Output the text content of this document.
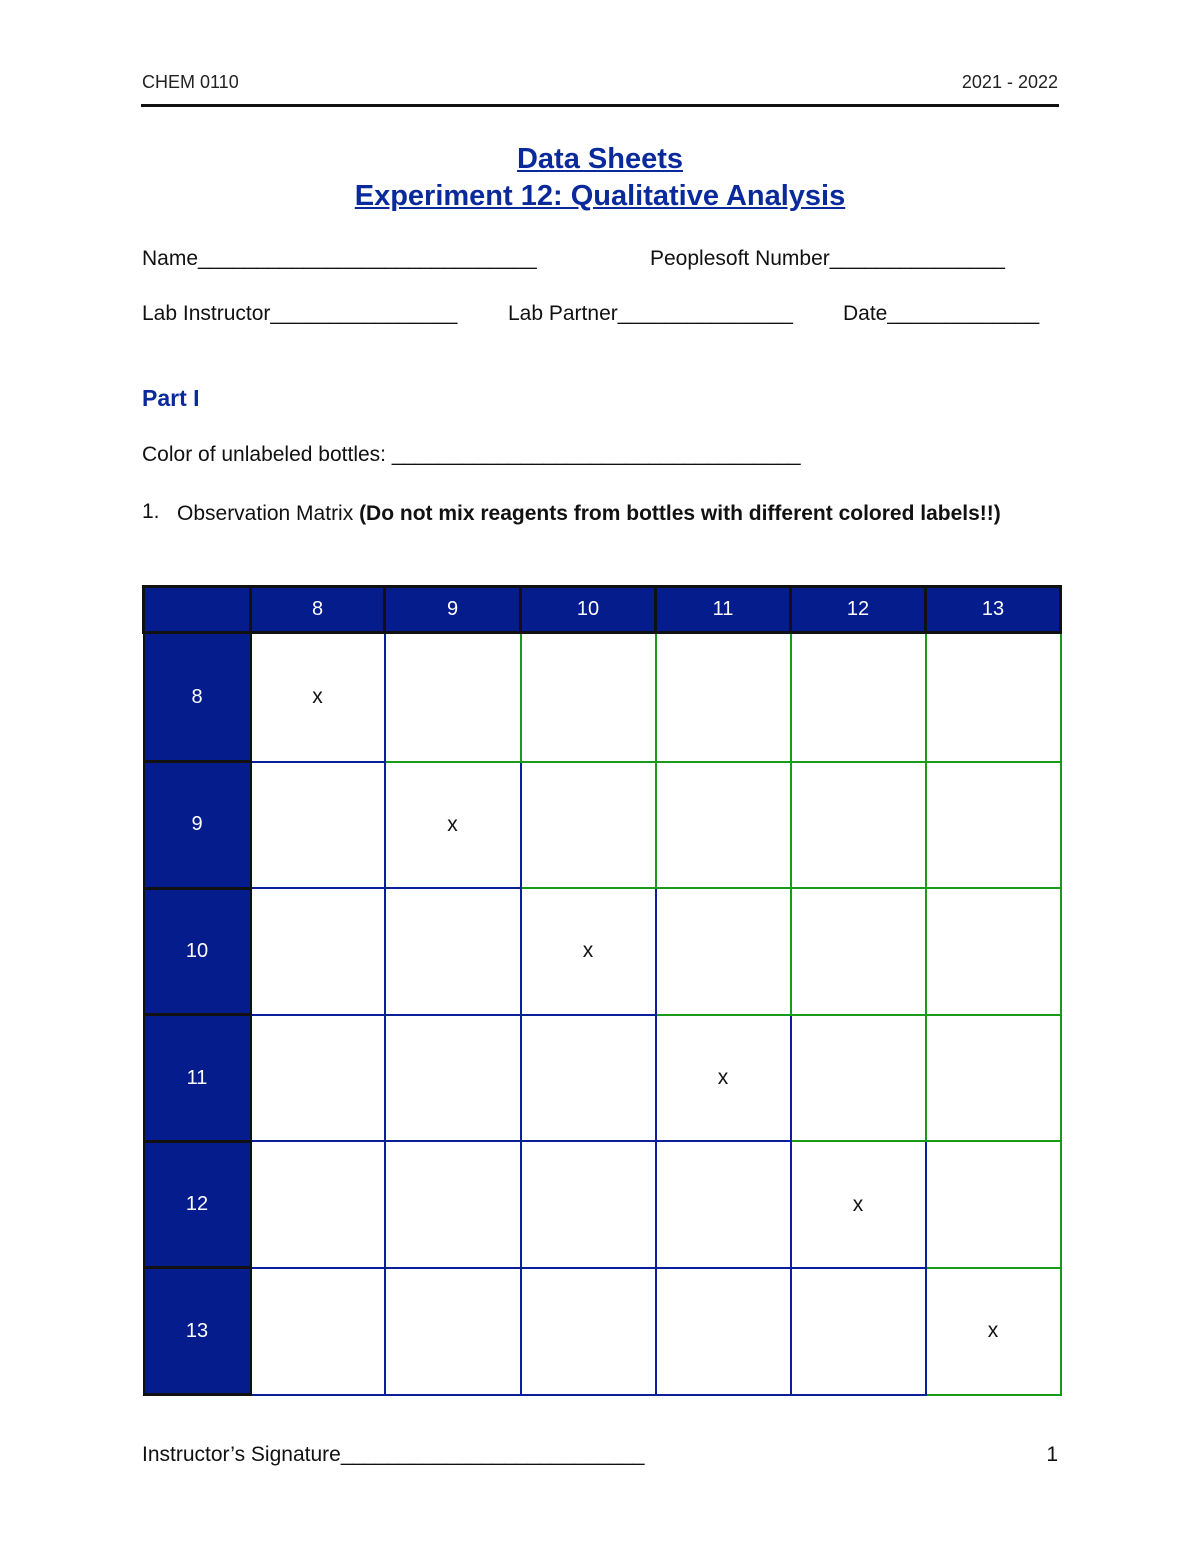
CHEM 0110	2021 - 2022
Data Sheets
Experiment 12: Qualitative Analysis
Name_____________________________	Peoplesoft Number_______________
Lab Instructor________________ Lab Partner_______________ Date_____________
Part I
Color of unlabeled bottles: ___________________________________
1. Observation Matrix (Do not mix reagents from bottles with different colored labels!!)
	8	9	10	11	12	13
8	x					
9		x				
10			x			
11				x		
12					x	
13						x
Instructor’s Signature__________________________	1
